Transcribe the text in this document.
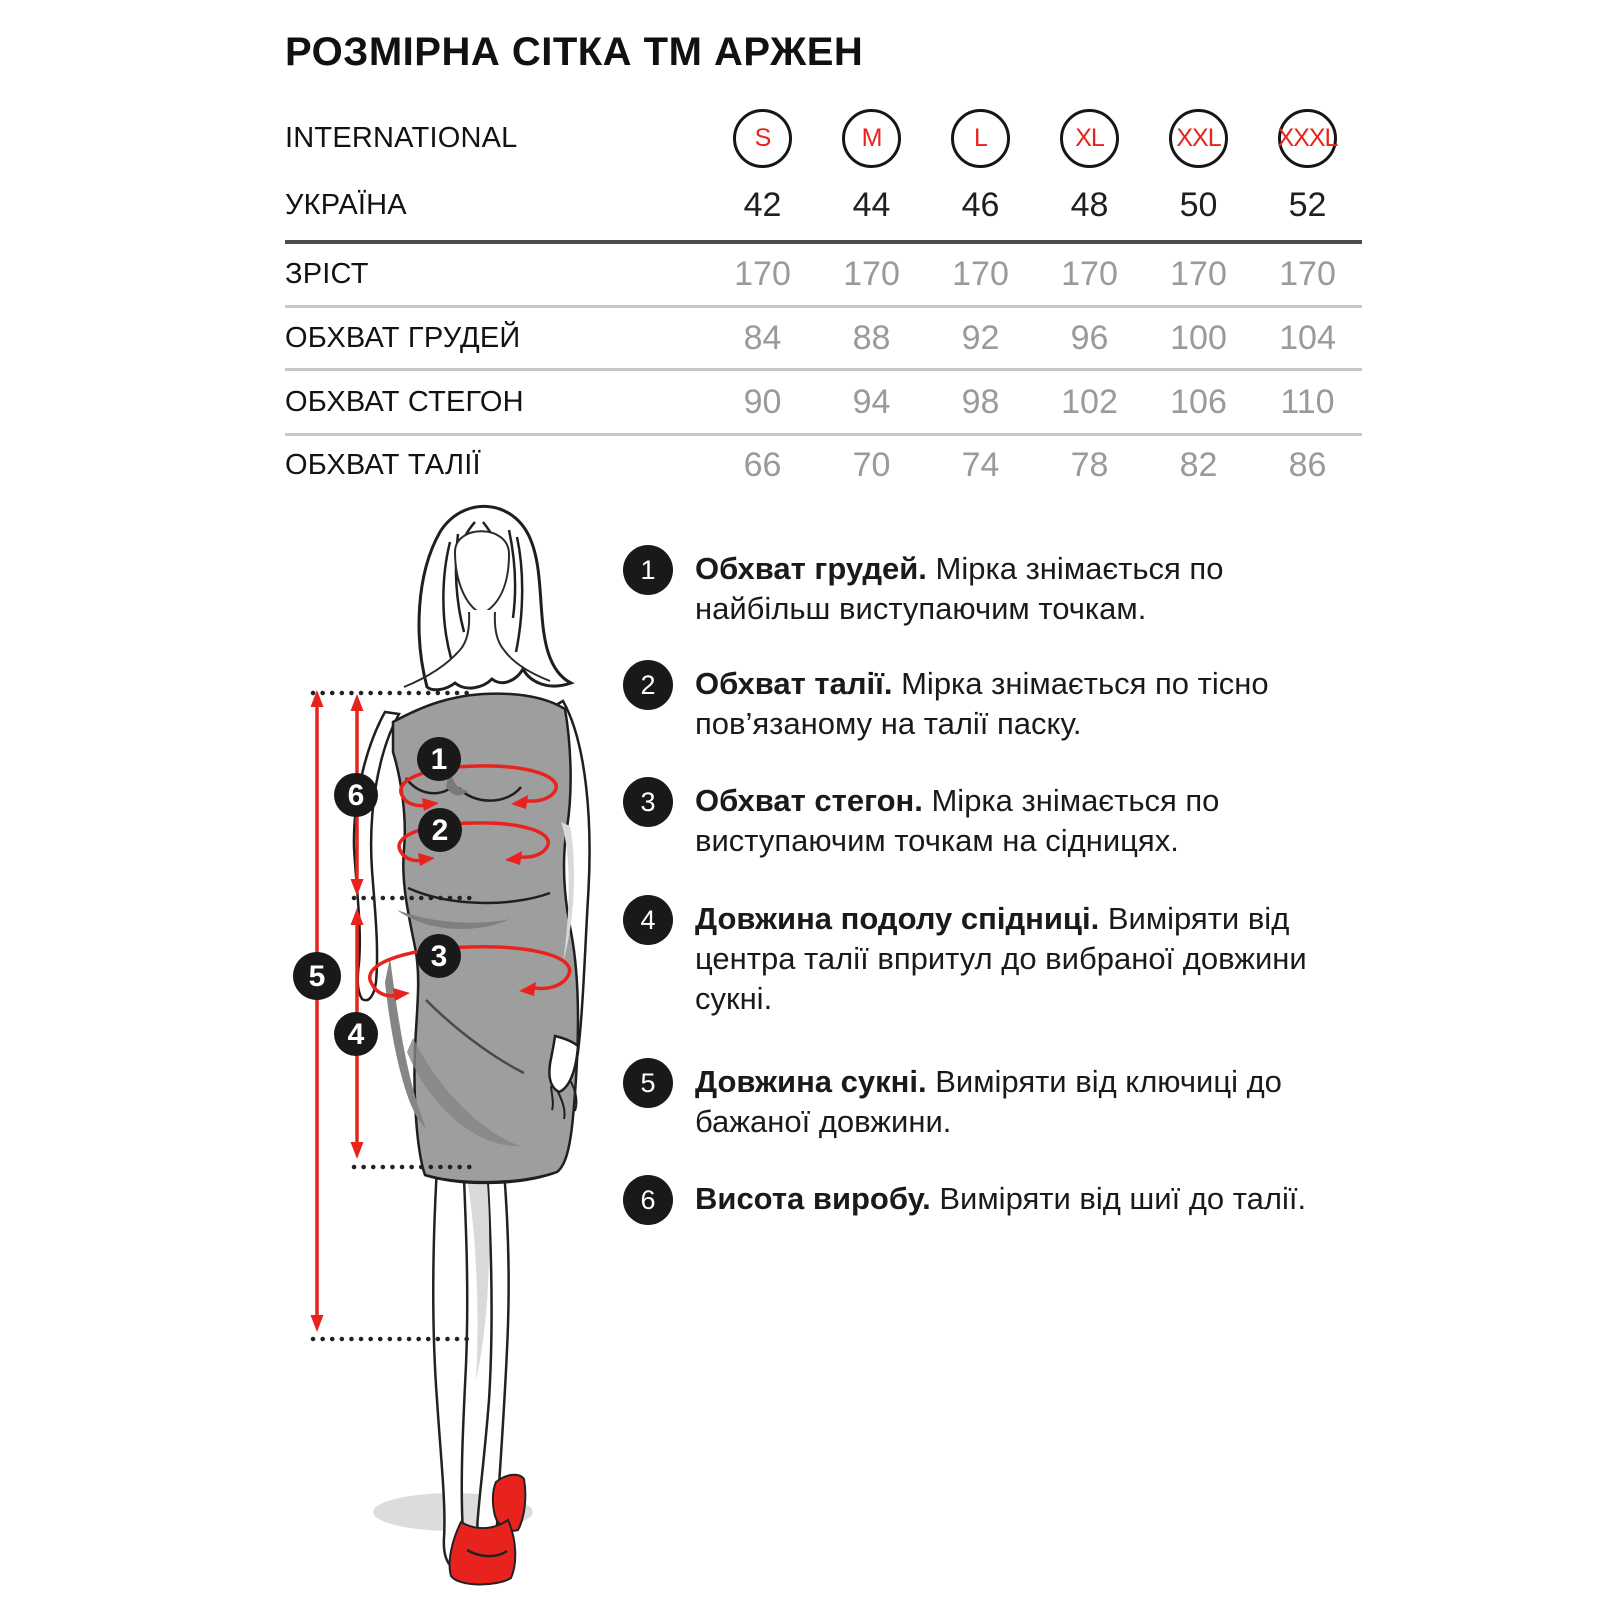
РОЗМІРНА СІТКА ТМ АРЖЕН
INTERNATIONAL	S	M	L	XL	XXL XXXL
УКРАЇНА	42	44	46	48	50	52
ЗРІСТ	170	170	170	170	170	170
ОБХВАТ ГРУДЕЙ	84	88	92	96	100	104
ОБХВАТ СТЕГОН	90	94	98	102	106	110
ОБХВАТ ТАЛІЇ	66	70	74	78	82	86
1
2
3
4
5
6
1	Обхват грудей. Мірка знімається по найбільш виступаючим точкам.

2	Обхват талії. Мірка знімається по тісно пов’язаному на талії паску.

3	Обхват стегон. Мірка знімається по виступаючим точкам на сідницях.

4	Довжина подолу спідниці. Виміряти від центра талії впритул до вибраної довжини сукні.

5	Довжина сукні. Виміряти від ключиці до бажаної довжини.

6	Висота виробу. Виміряти від шиї до талії.
